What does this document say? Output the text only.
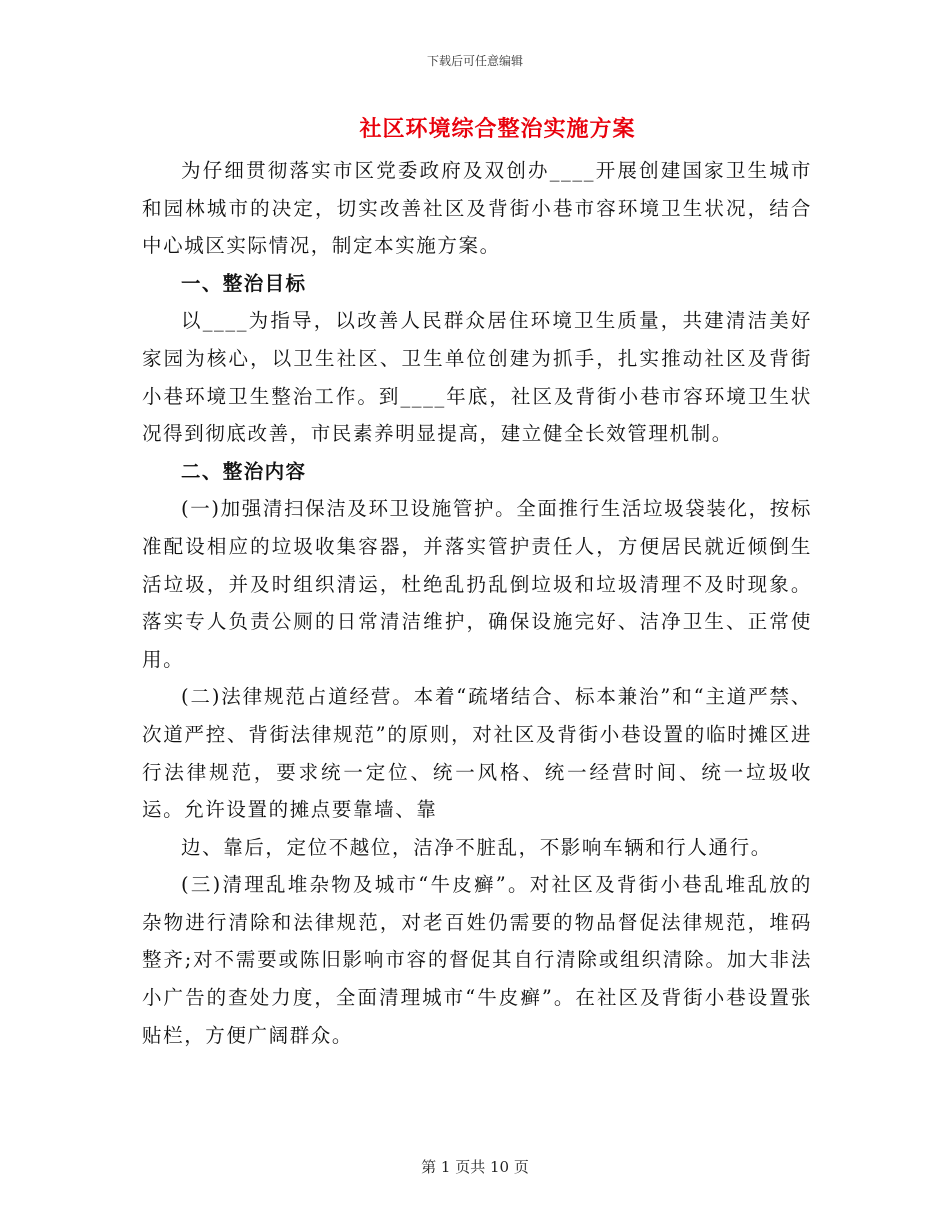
下载后可任意编辑
社区环境综合整治实施方案

为仔细贯彻落实市区党委政府及双创办____开展创建国家卫生城市和园林城市的决定，切实改善社区及背街小巷市容环境卫生状况，结合中心城区实际情况，制定本实施方案。

一、整治目标

以____为指导，以改善人民群众居住环境卫生质量，共建清洁美好家园为核心，以卫生社区、卫生单位创建为抓手，扎实推动社区及背街小巷环境卫生整治工作。到____年底，社区及背街小巷市容环境卫生状况得到彻底改善，市民素养明显提高，建立健全长效管理机制。

二、整治内容

(一)加强清扫保洁及环卫设施管护。全面推行生活垃圾袋装化，按标准配设相应的垃圾收集容器，并落实管护责任人，方便居民就近倾倒生活垃圾，并及时组织清运，杜绝乱扔乱倒垃圾和垃圾清理不及时现象。落实专人负责公厕的日常清洁维护，确保设施完好、洁净卫生、正常使用。

(二)法律规范占道经营。本着“疏堵结合、标本兼治”和“主道严禁、次道严控、背街法律规范”的原则，对社区及背街小巷设置的临时摊区进行法律规范，要求统一定位、统一风格、统一经营时间、统一垃圾收运。允许设置的摊点要靠墙、靠

边、靠后，定位不越位，洁净不脏乱，不影响车辆和行人通行。

(三)清理乱堆杂物及城市“牛皮癣”。对社区及背街小巷乱堆乱放的杂物进行清除和法律规范，对老百姓仍需要的物品督促法律规范，堆码整齐;对不需要或陈旧影响市容的督促其自行清除或组织清除。加大非法小广告的查处力度，全面清理城市“牛皮癣”。在社区及背街小巷设置张贴栏，方便广阔群众。

第 1 页共 10 页
